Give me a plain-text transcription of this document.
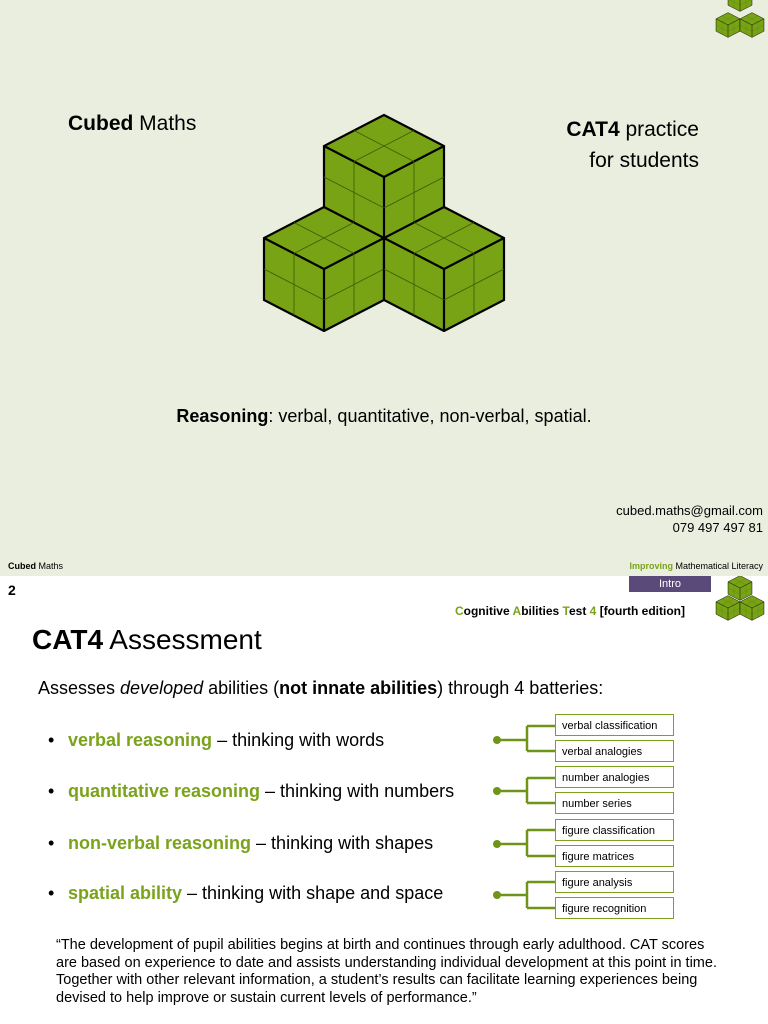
Cubed Maths	CAT4 practice
for students
Reasoning: verbal, quantitative, non-verbal, spatial.
cubed.maths@gmail.com
079 497 497 81
Cubed Maths	Improving Mathematical Literacy
2	Intro
Cognitive Abilities Test 4 [fourth edition]
CAT4 Assessment
Assesses developed abilities (not innate abilities) through 4 batteries:
• verbal reasoning – thinking with words
• quantitative reasoning – thinking with numbers
• non-verbal reasoning – thinking with shapes
• spatial ability – thinking with shape and space
verbal classification
verbal analogies
number analogies
number series
figure classification
figure matrices
figure analysis
figure recognition
“The development of pupil abilities begins at birth and continues through early adulthood. CAT scores are based on experience to date and assists understanding individual development at this point in time. Together with other relevant information, a student’s results can facilitate learning experiences being devised to help improve or sustain current levels of performance.”
